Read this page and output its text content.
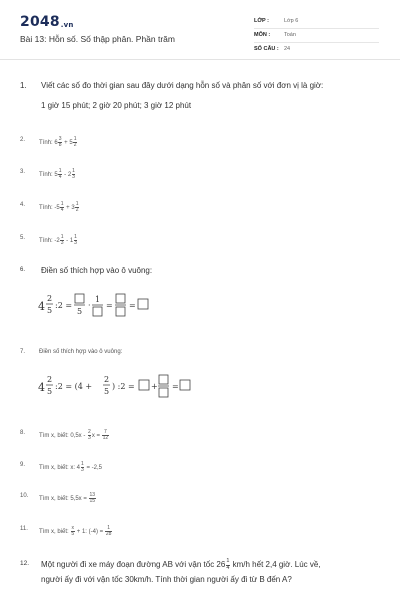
2048.vn
Bài 13: Hỗn số. Số thập phân. Phần trăm
LỚP :	Lớp 6
MÔN :	Toán
SỐ CÂU : 24
1. Viết các số đo thời gian sau đây dưới dạng hỗn số và phân số với đơn vị là giờ:
1 giờ 15 phút; 2 giờ 20 phút; 3 giờ 12 phút
2.
Tính: $6 \frac{3}{8} + 5 \frac{1}{2}$
3.
Tính: $5 \frac{1}{4} - 2 \frac{1}{3}$
4.
Tính: $-5 \frac{1}{4} + 3 \frac{1}{2}$
5.
Tính: $-2 \frac{1}{3} - 1 \frac{1}{3}$
6. Điền số thích hợp vào ô vuông:
4
2
5
:2 =
5
·
1
= =
7. Điền số thích hợp vào ô vuông:
4
2
5
:2 = (4 +
2
5
) :2 = + =
8.
Tìm x, biết: $0,5x - \frac{2}{3}$ $x = \frac{7}{12}$
9.
Tìm x, biết: x: $4 \frac{1}{3} = -2,5$
10.
Tìm x, biết: $5,5x = \frac{13}{15}$
11.
Tìm x, biết: $\frac{x}{5} + 1$: $(-4) = \frac{1}{28}$
12. Một người đi xe máy đoạn đường AB với vận tốc $26 \frac{1}{4} km/h$ hết 2,4 giờ. Lúc về,
người ấy đi với vận tốc 30km/h. Tính thời gian người ấy đi từ B đến A?
